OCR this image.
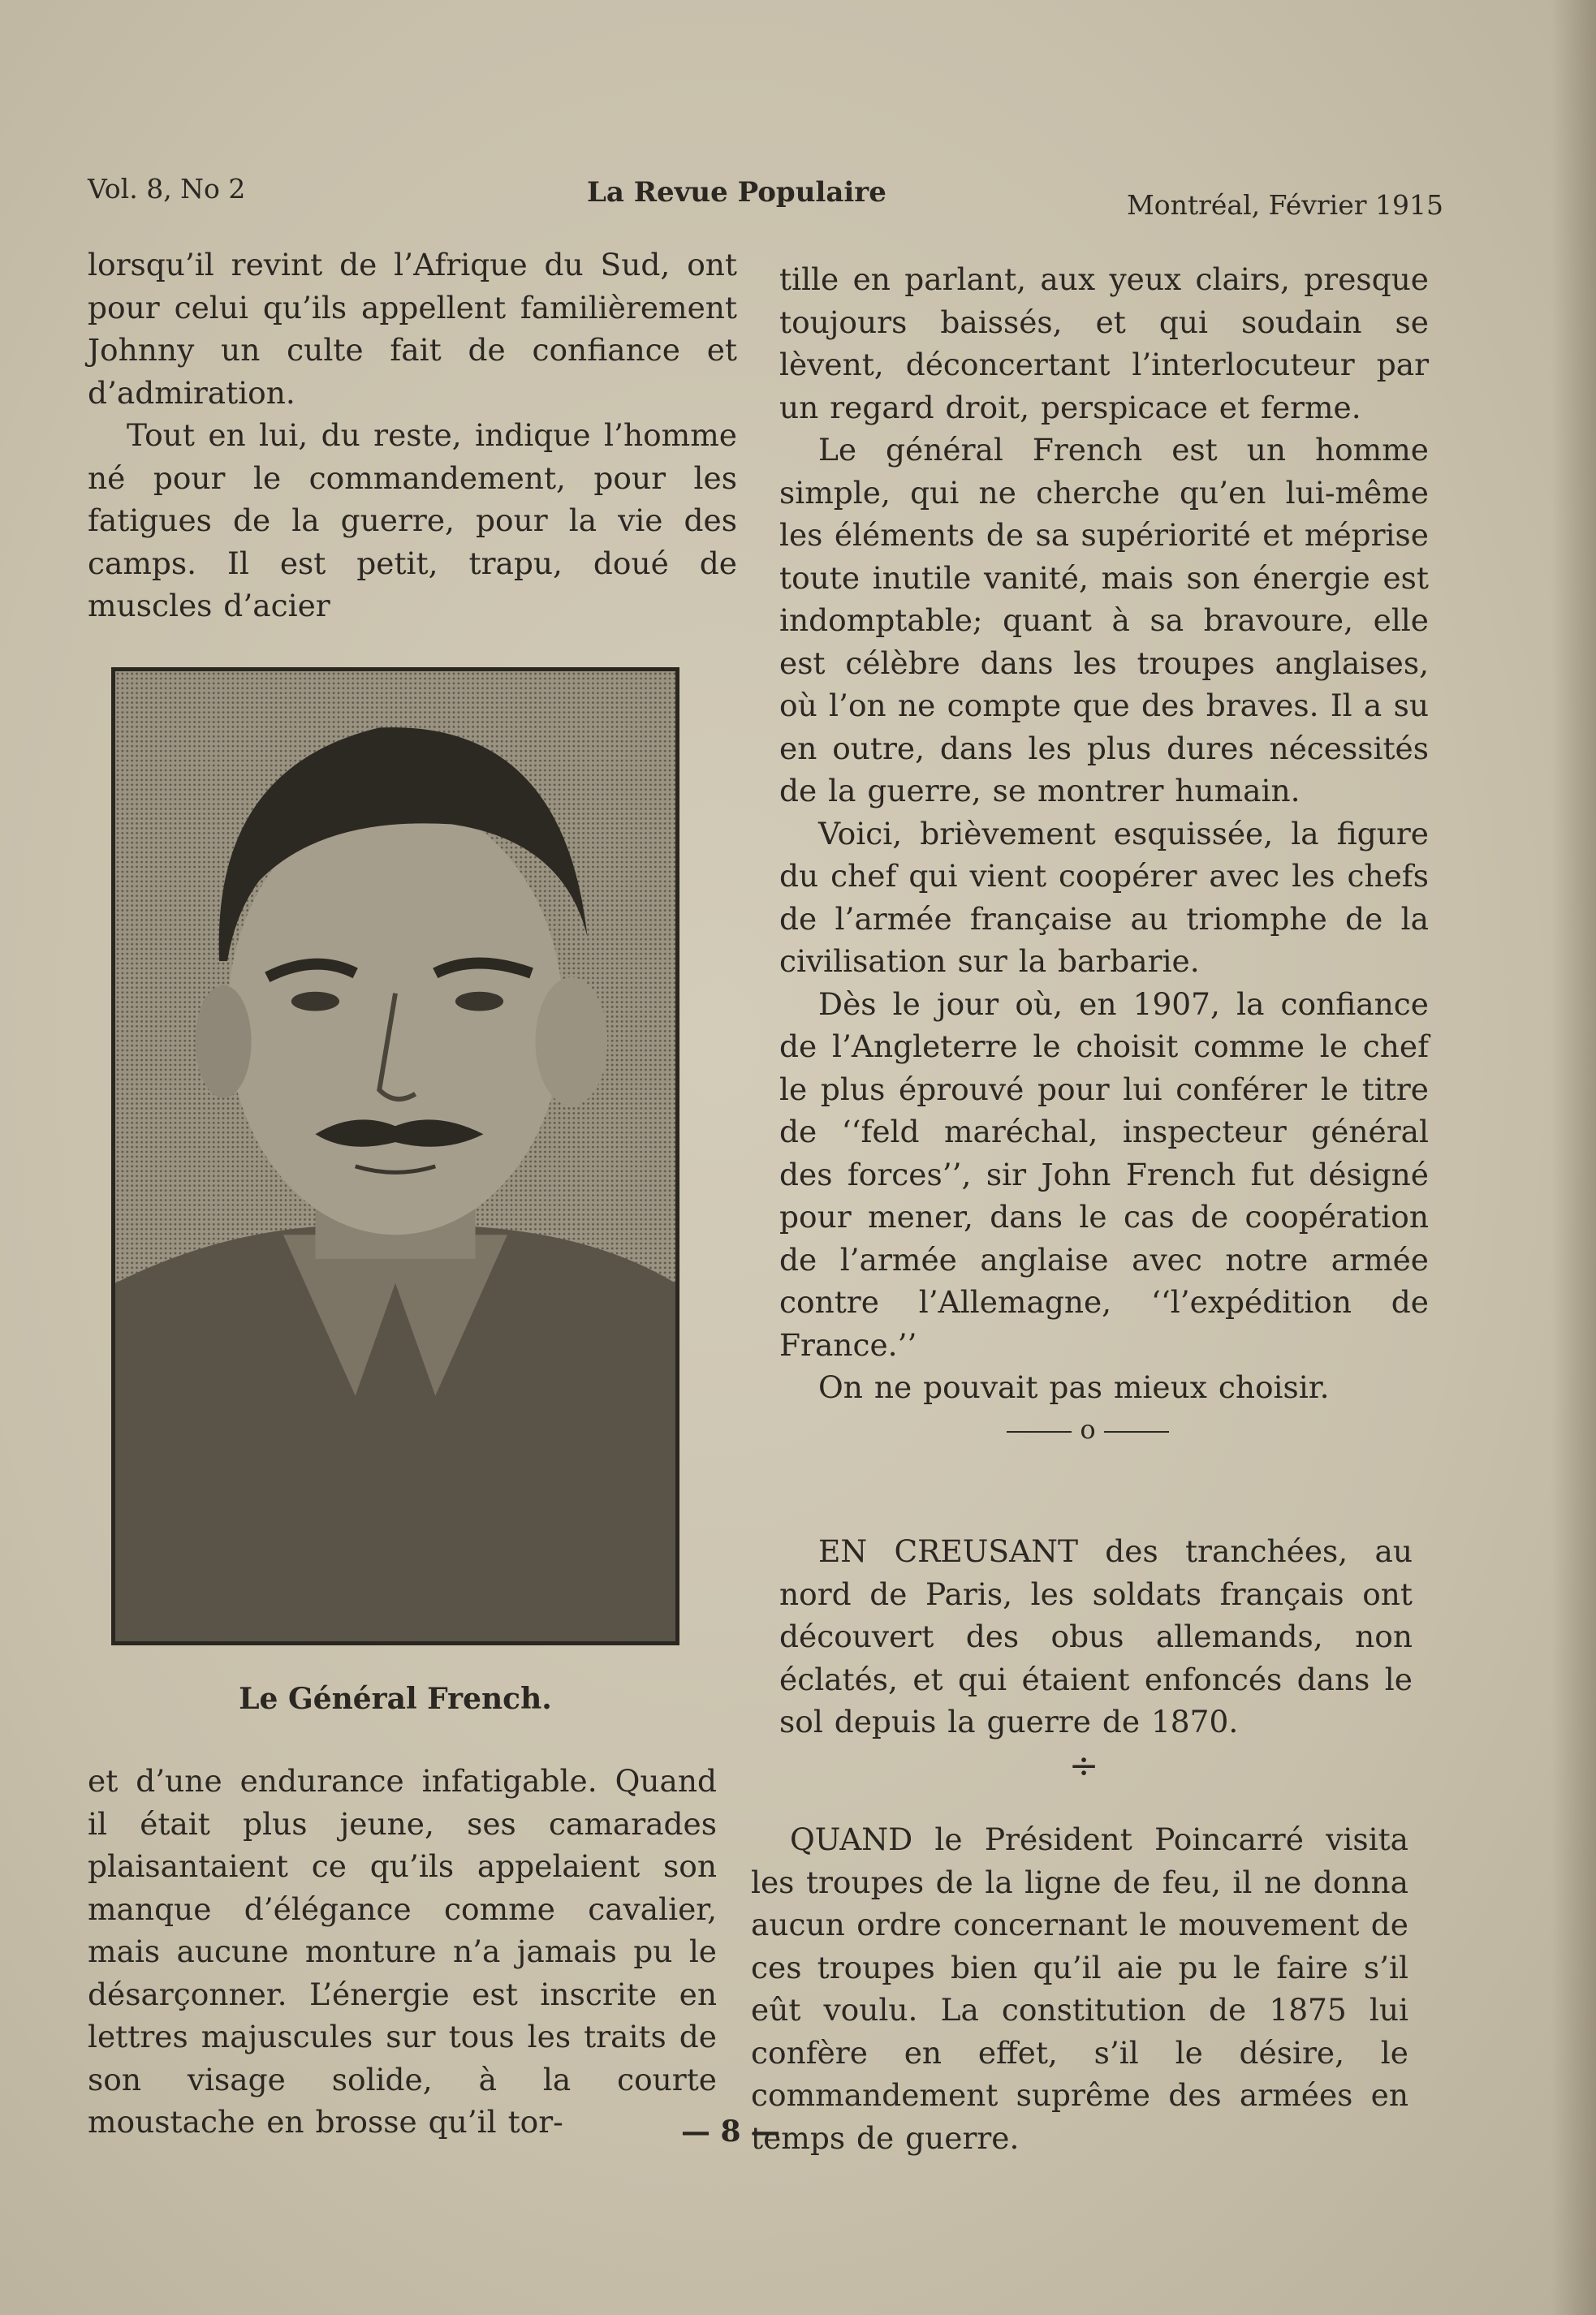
Vol. 8, No 2	La Revue Populaire	Montréal, Février 1915

lorsqu’il revint de l’Afrique du Sud, ont pour celui qu’ils appellent familièrement Johnny un culte fait de confiance et d’admiration.

Tout en lui, du reste, indique l’homme né pour le commandement, pour les fatigues de la guerre, pour la vie des camps. Il est petit, trapu, doué de muscles d’acier

Le Général French.

et d’une endurance infatigable. Quand il était plus jeune, ses camarades plaisantaient ce qu’ils appelaient son manque d’élégance comme cavalier, mais aucune monture n’a jamais pu le désarçonner. L’énergie est inscrite en lettres majuscules sur tous les traits de son visage solide, à la courte moustache en brosse qu’il tor-

tille en parlant, aux yeux clairs, presque toujours baissés, et qui soudain se lèvent, déconcertant l’interlocuteur par un regard droit, perspicace et ferme.

Le général French est un homme simple, qui ne cherche qu’en lui-même les éléments de sa supériorité et méprise toute inutile vanité, mais son énergie est indomptable; quant à sa bravoure, elle est célèbre dans les troupes anglaises, où l’on ne compte que des braves. Il a su en outre, dans les plus dures nécessités de la guerre, se montrer humain.

Voici, brièvement esquissée, la figure du chef qui vient coopérer avec les chefs de l’armée française au triomphe de la civilisation sur la barbarie.

Dès le jour où, en 1907, la confiance de l’Angleterre le choisit comme le chef le plus éprouvé pour lui conférer le titre de ‘‘feld maréchal, inspecteur général des forces’’, sir John French fut désigné pour mener, dans le cas de coopération de l’armée anglaise avec notre armée contre l’Allemagne, ‘‘l’expédition de France.’’

On ne pouvait pas mieux choisir.

o

EN CREUSANT des tranchées, au nord de Paris, les soldats français ont découvert des obus allemands, non éclatés, et qui étaient enfoncés dans le sol depuis la guerre de 1870.

÷

QUAND le Président Poincarré visita les troupes de la ligne de feu, il ne donna aucun ordre concernant le mouvement de ces troupes bien qu’il aie pu le faire s’il eût voulu. La constitution de 1875 lui confère en effet, s’il le désire, le commandement suprême des armées en temps de guerre.

— 8 —
